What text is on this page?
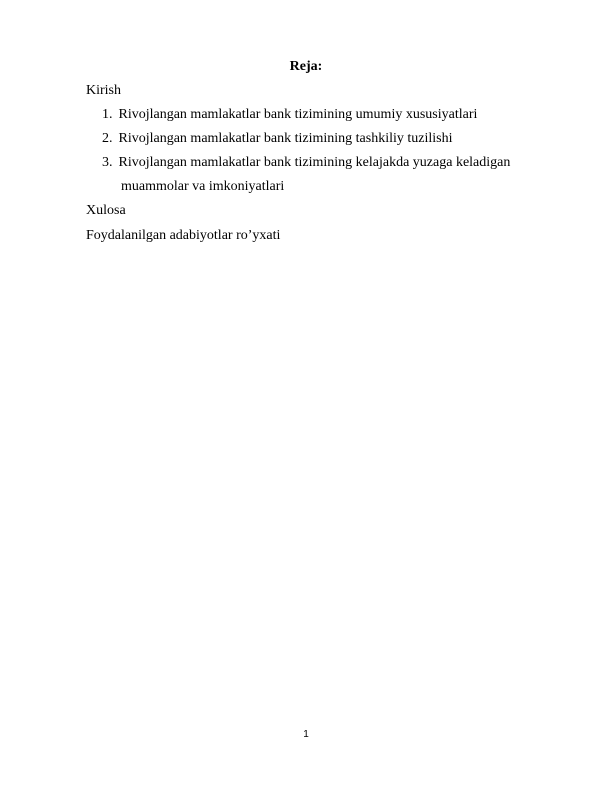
Reja:
Kirish
1. Rivojlangan mamlakatlar bank tizimining umumiy xususiyatlari
2. Rivojlangan mamlakatlar bank tizimining tashkiliy tuzilishi
3. Rivojlangan mamlakatlar bank tizimining kelajakda yuzaga keladigan
muammolar va imkoniyatlari
Xulosa
Foydalanilgan adabiyotlar ro’yxati
1
